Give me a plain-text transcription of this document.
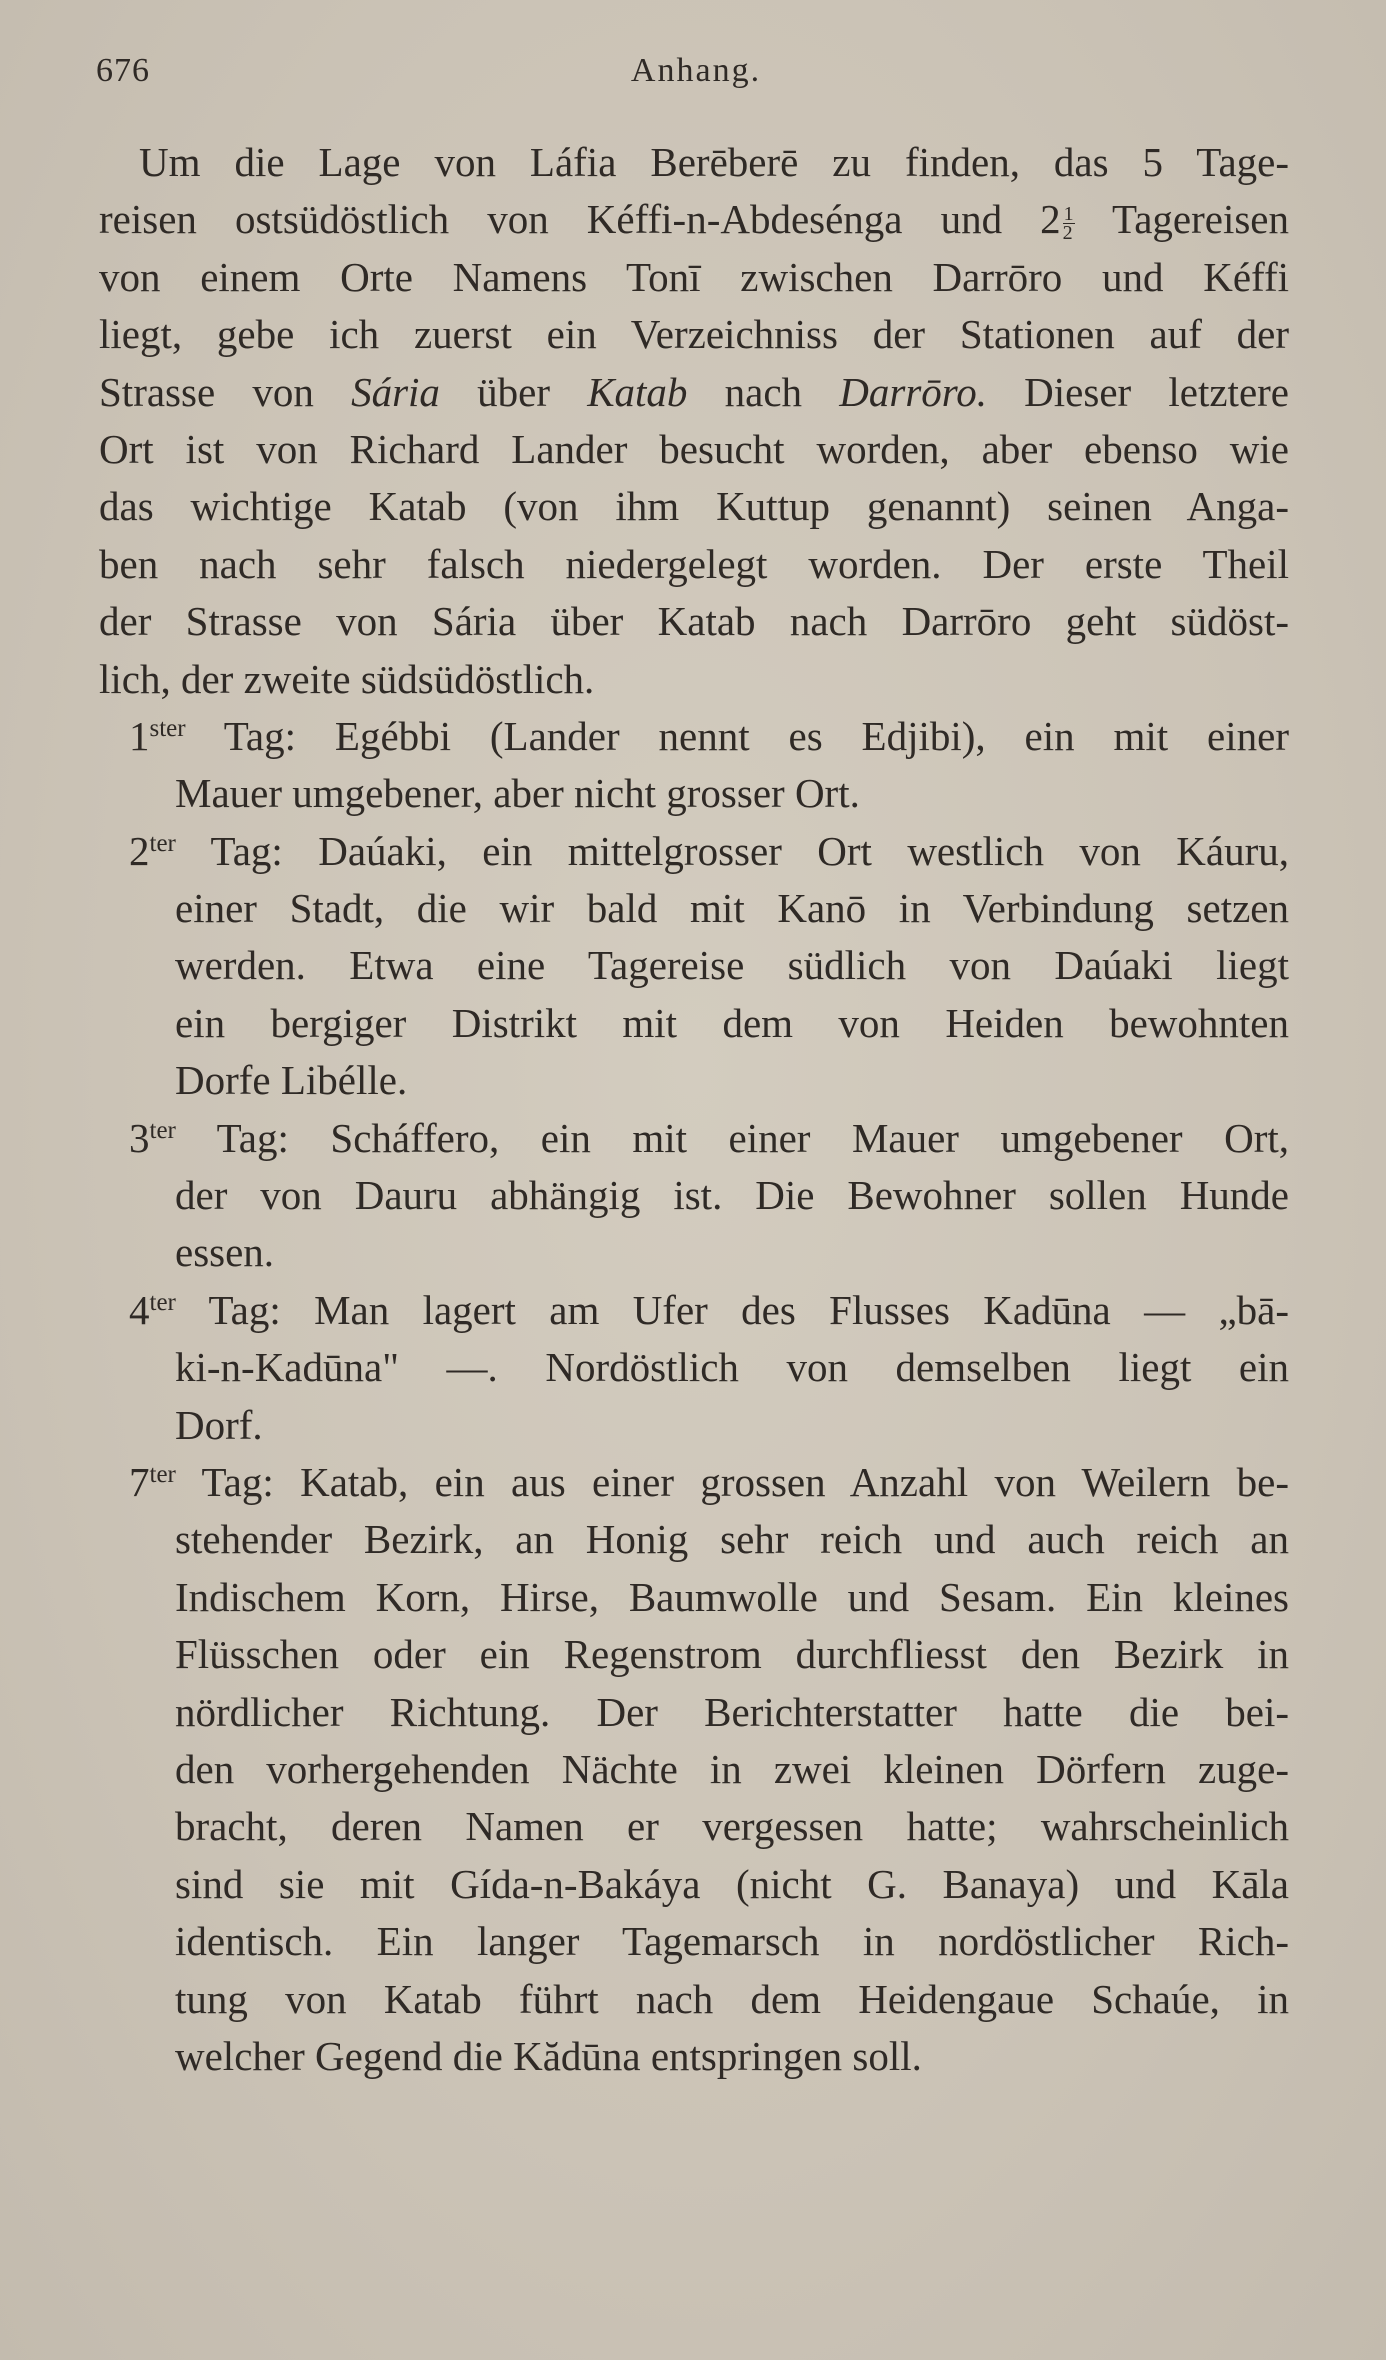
676	Anhang.
Um die Lage von Láfia Berēberē zu finden, das 5 Tage-
reisen ostsüdöstlich von Kéffi-n-Abdesénga und $2 \frac{1}{2}$ Tagereisen
von einem Orte Namens Tonī zwischen Darrōro und Kéffi
liegt, gebe ich zuerst ein Verzeichniss der Stationen auf der
Strasse von Sária über Katab nach Darrōro. Dieser letztere
Ort ist von Richard Lander besucht worden, aber ebenso wie
das wichtige Katab (von ihm Kuttup genannt) seinen Anga-
ben nach sehr falsch niedergelegt worden. Der erste Theil
der Strasse von Sária über Katab nach Darrōro geht südöst-
lich, der zweite südsüdöstlich.
$1^{ster}$ Tag: Egébbi (Lander nennt es Edjibi), ein mit einer
Mauer umgebener, aber nicht grosser Ort.
$2^{ter}$ Tag: Daúaki, ein mittelgrosser Ort westlich von Káuru,
einer Stadt, die wir bald mit Kanō in Verbindung setzen
werden. Etwa eine Tagereise südlich von Daúaki liegt
ein bergiger Distrikt mit dem von Heiden bewohnten
Dorfe Libélle.
$3^{ter}$ Tag: Scháffero, ein mit einer Mauer umgebener Ort,
der von Dauru abhängig ist. Die Bewohner sollen Hunde
essen.
$4^{ter}$ Tag: Man lagert am Ufer des Flusses Kadūna — „bā-
ki-n-Kadūna" —. Nordöstlich von demselben liegt ein
Dorf.
$7^{ter}$ Tag: Katab, ein aus einer grossen Anzahl von Weilern be-
stehender Bezirk, an Honig sehr reich und auch reich an
Indischem Korn, Hirse, Baumwolle und Sesam. Ein kleines
Flüsschen oder ein Regenstrom durchfliesst den Bezirk in
nördlicher Richtung. Der Berichterstatter hatte die bei-
den vorhergehenden Nächte in zwei kleinen Dörfern zuge-
bracht, deren Namen er vergessen hatte; wahrscheinlich
sind sie mit Gída-n-Bakáya (nicht G. Banaya) und Kāla
identisch. Ein langer Tagemarsch in nordöstlicher Rich-
tung von Katab führt nach dem Heidengaue Schaúe, in
welcher Gegend die Kădūna entspringen soll.
